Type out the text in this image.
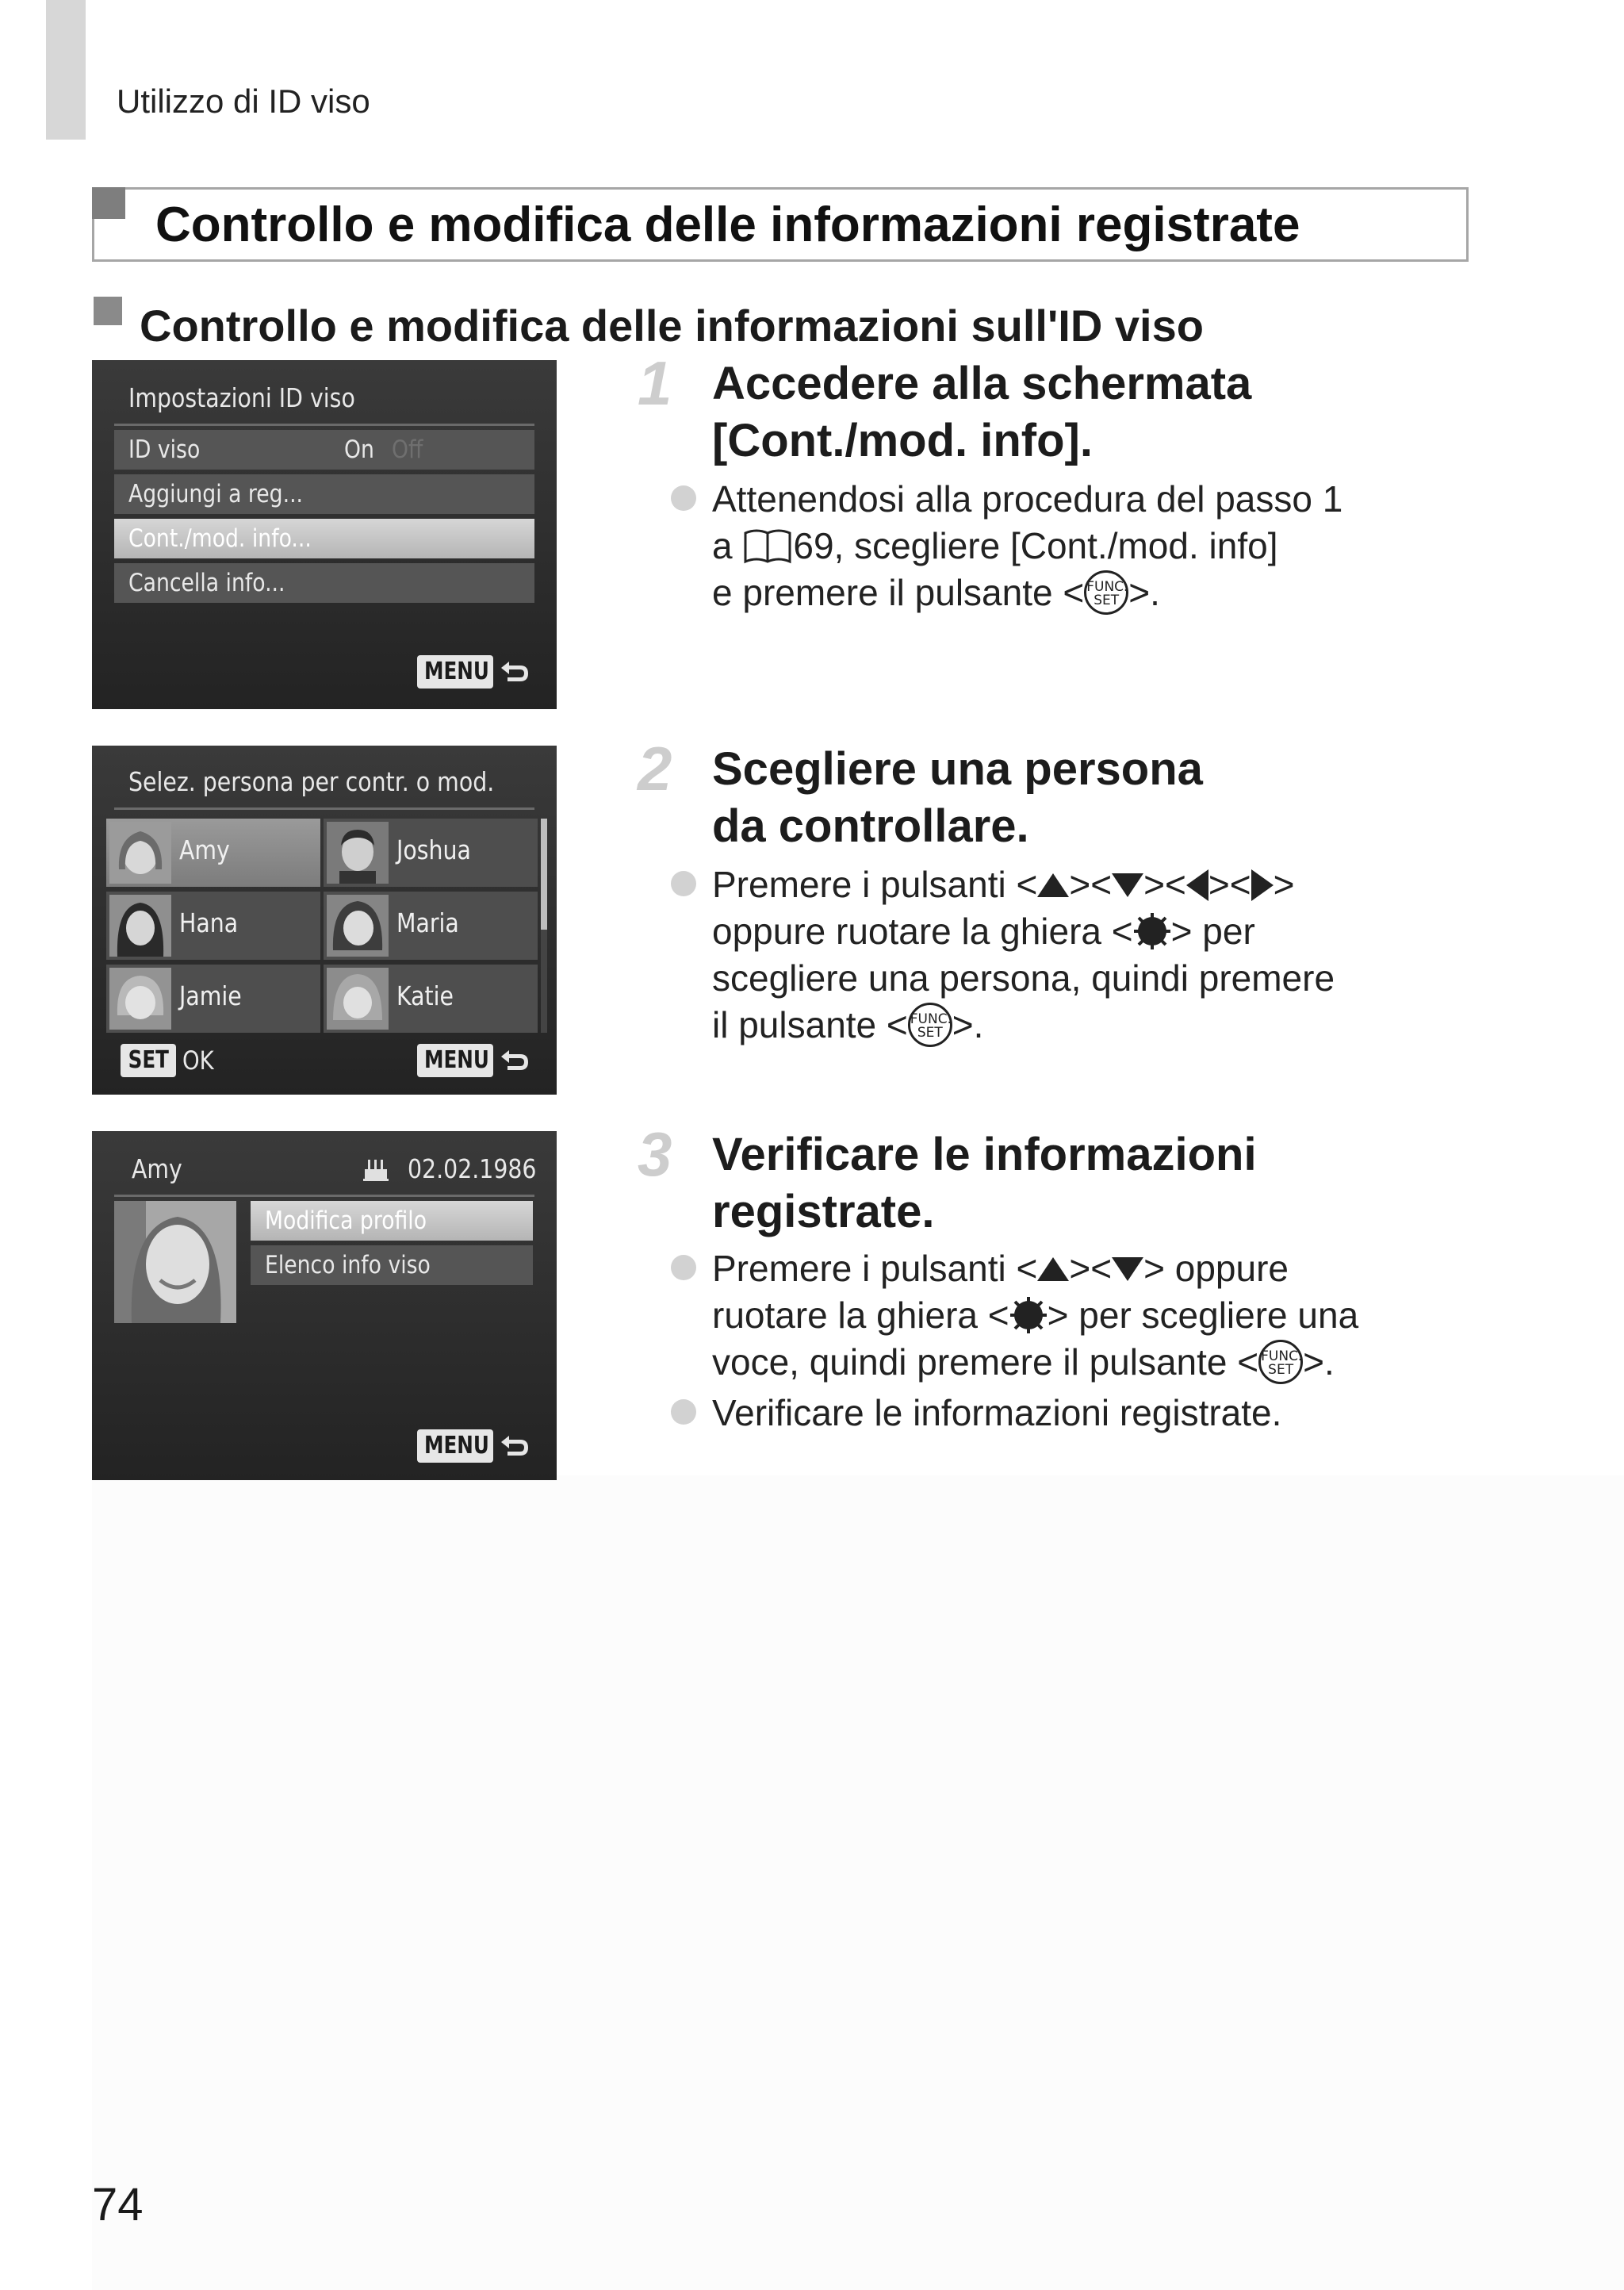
Utilizzo di ID viso
Controllo e modifica delle informazioni registrate
Controllo e modifica delle informazioni sull'ID viso
Impostazioni ID viso
ID viso	On Off
Aggiungi a reg...
Cont./mod. info...
Cancella info...
MENU
Selez. persona per contr. o mod.
Amy	Joshua
Hana	Maria
Jamie	Katie
SET OK	MENU
Amy	02.02.1986
Modifica profilo
Elenco info viso
MENU
1 Accedere alla schermata
[Cont./mod. info].
Attenendosi alla procedura del passo 1
a 69, scegliere [Cont./mod. info]
e premere il pulsante < FUNC.
SET >.
2 Scegliere una persona
da controllare.
Premere i pulsanti < >< >< >< >
oppure ruotare la ghiera < > per
scegliere una persona, quindi premere
il pulsante < FUNC.
SET >.
3 Verificare le informazioni
registrate.
Premere i pulsanti < >< > oppure
ruotare la ghiera < > per scegliere una
voce, quindi premere il pulsante < FUNC.
SET >.
Verificare le informazioni registrate.
74
